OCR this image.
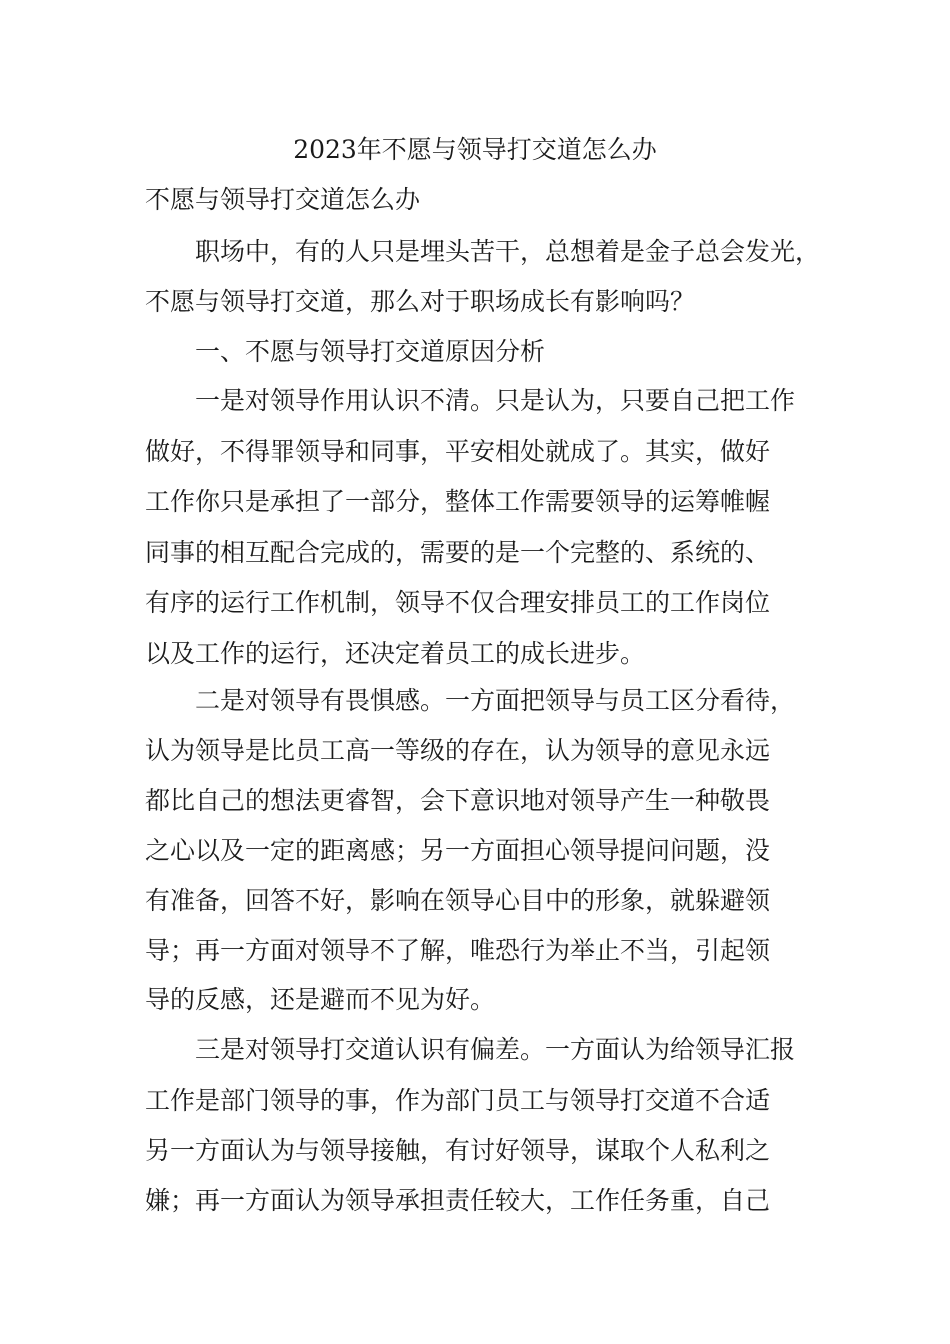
2023年不愿与领导打交道怎么办
不愿与领导打交道怎么办
　　职场中，有的人只是埋头苦干，总想着是金子总会发光，
不愿与领导打交道，那么对于职场成长有影响吗？
　　一、不愿与领导打交道原因分析
　　一是对领导作用认识不清。只是认为，只要自己把工作
做好，不得罪领导和同事，平安相处就成了。其实，做好
工作你只是承担了一部分，整体工作需要领导的运筹帷幄
同事的相互配合完成的，需要的是一个完整的、系统的、
有序的运行工作机制，领导不仅合理安排员工的工作岗位
以及工作的运行，还决定着员工的成长进步。
　　二是对领导有畏惧感。一方面把领导与员工区分看待，
认为领导是比员工高一等级的存在，认为领导的意见永远
都比自己的想法更睿智，会下意识地对领导产生一种敬畏
之心以及一定的距离感；另一方面担心领导提问问题，没
有准备，回答不好，影响在领导心目中的形象，就躲避领
导；再一方面对领导不了解，唯恐行为举止不当，引起领
导的反感，还是避而不见为好。
　　三是对领导打交道认识有偏差。一方面认为给领导汇报
工作是部门领导的事，作为部门员工与领导打交道不合适
另一方面认为与领导接触，有讨好领导，谋取个人私利之
嫌；再一方面认为领导承担责任较大，工作任务重，自己
